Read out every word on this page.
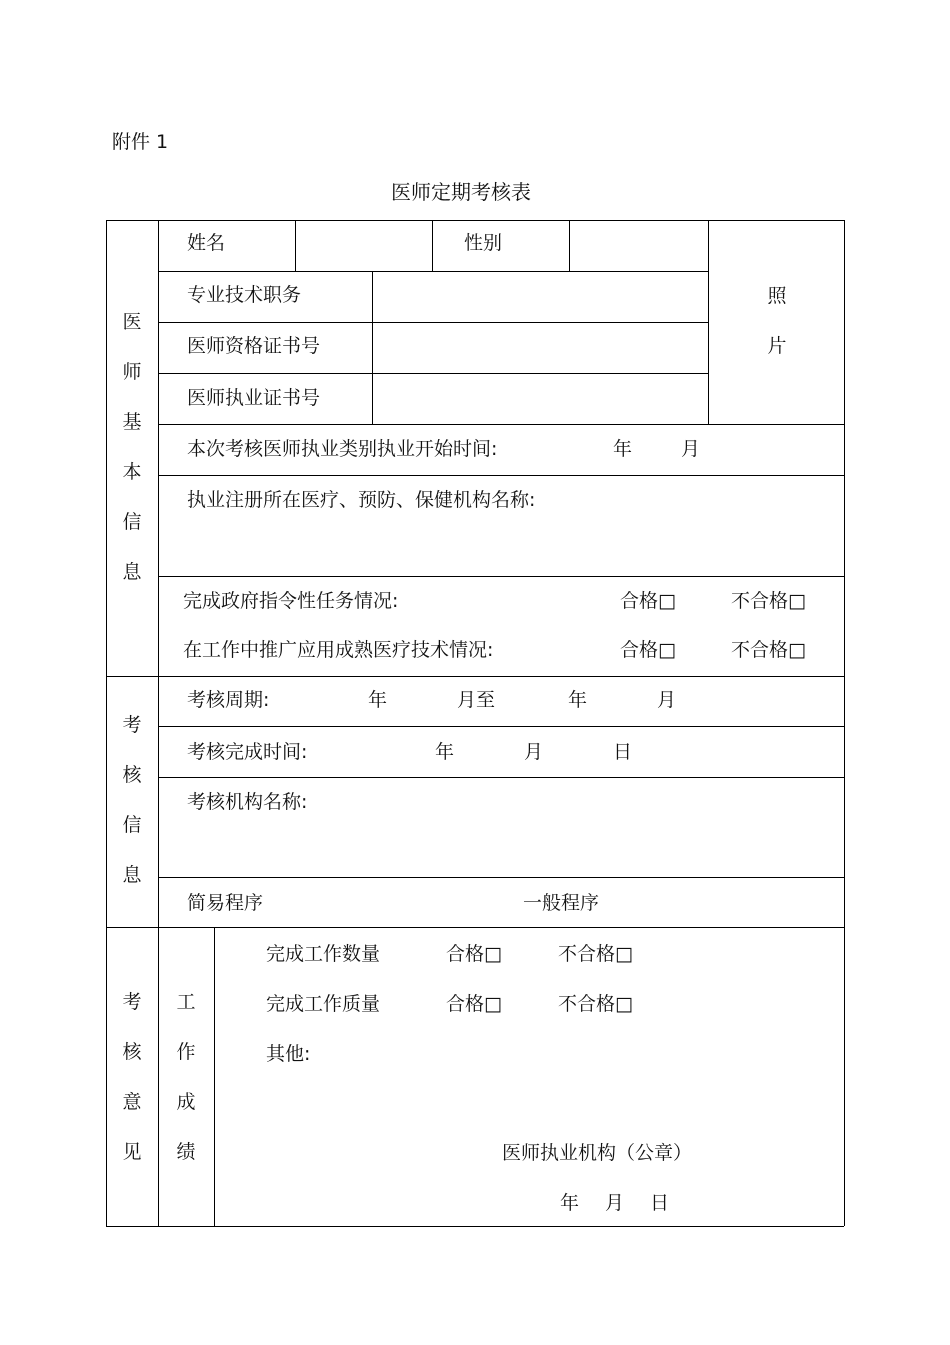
附件 1
医师定期考核表
医
师
基
本
信
息
姓名	性别
照
片
专业技术职务
医师资格证书号
医师执业证书号
本次考核医师执业类别执业开始时间:	年	月
执业注册所在医疗、预防、保健机构名称:
完成政府指令性任务情况:	合格□	不合格□
在工作中推广应用成熟医疗技术情况:	合格□	不合格□
考
核
信
息
考核周期:	年	月至	年	月
考核完成时间:	年	月	日
考核机构名称:
简易程序	一般程序
考
核
意
见
工
作
成
绩
完成工作数量	合格□	不合格□
完成工作质量	合格□	不合格□
其他:
医师执业机构（公章）
年 月 日
